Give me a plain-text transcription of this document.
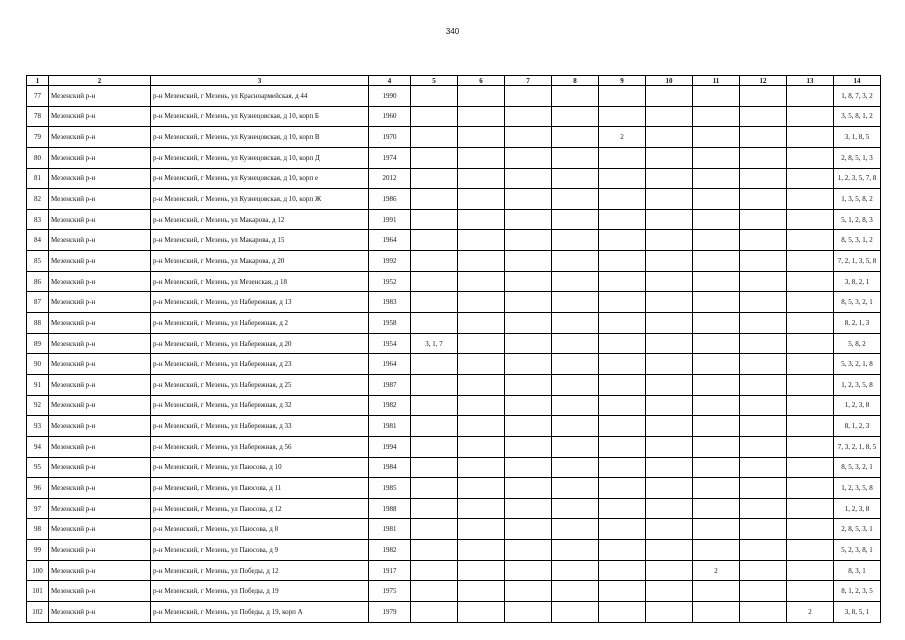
340
1	2	3	4	5	6	7	8	9	10	11	12	13	14
77	Мезенский р-н	р-н Мезенский, г Мезень, ул Красноармейская, д 44	1990										1, 8, 7, 3, 2
78	Мезенский р-н	р-н Мезенский, г Мезень, ул Кузнецовская, д 10, корп Б	1960										3, 5, 8, 1, 2
79	Мезенский р-н	р-н Мезенский, г Мезень, ул Кузнецовская, д 10, корп В	1970					2					3, 1, 8, 5
80	Мезенский р-н	р-н Мезенский, г Мезень, ул Кузнецовская, д 10, корп Д	1974										2, 8, 5, 1, 3
81	Мезенский р-н	р-н Мезенский, г Мезень, ул Кузнецовская, д 10, корп е	2012										1, 2, 3, 5, 7, 8
82	Мезенский р-н	р-н Мезенский, г Мезень, ул Кузнецовская, д 10, корп Ж	1986										1, 3, 5, 8, 2
83	Мезенский р-н	р-н Мезенский, г Мезень, ул Макарова, д 12	1991										5, 1, 2, 8, 3
84	Мезенский р-н	р-н Мезенский, г Мезень, ул Макарова, д 15	1964										8, 5, 3, 1, 2
85	Мезенский р-н	р-н Мезенский, г Мезень, ул Макарова, д 20	1992										7, 2, 1, 3, 5, 8
86	Мезенский р-н	р-н Мезенский, г Мезень, ул Мезенская, д 18	1952										3, 8, 2, 1
87	Мезенский р-н	р-н Мезенский, г Мезень, ул Набережная, д 13	1983										8, 5, 3, 2, 1
88	Мезенский р-н	р-н Мезенский, г Мезень, ул Набережная, д 2	1958										8, 2, 1, 3
89	Мезенский р-н	р-н Мезенский, г Мезень, ул Набережная, д 20	1954	3, 1, 7									5, 8, 2
90	Мезенский р-н	р-н Мезенский, г Мезень, ул Набережная, д 23	1964										5, 3, 2, 1, 8
91	Мезенский р-н	р-н Мезенский, г Мезень, ул Набережная, д 25	1987										1, 2, 3, 5, 8
92	Мезенский р-н	р-н Мезенский, г Мезень, ул Набережная, д 32	1982										1, 2, 3, 8
93	Мезенский р-н	р-н Мезенский, г Мезень, ул Набережная, д 33	1981										8, 1, 2, 3
94	Мезенский р-н	р-н Мезенский, г Мезень, ул Набережная, д 56	1994										7, 3, 2, 1, 8, 5
95	Мезенский р-н	р-н Мезенский, г Мезень, ул Паюсова, д 10	1984										8, 5, 3, 2, 1
96	Мезенский р-н	р-н Мезенский, г Мезень, ул Паюсова, д 11	1985										1, 2, 3, 5, 8
97	Мезенский р-н	р-н Мезенский, г Мезень, ул Паюсова, д 12	1988										1, 2, 3, 8
98	Мезенский р-н	р-н Мезенский, г Мезень, ул Паюсова, д 8	1981										2, 8, 5, 3, 1
99	Мезенский р-н	р-н Мезенский, г Мезень, ул Паюсова, д 9	1982										5, 2, 3, 8, 1
100	Мезенский р-н	р-н Мезенский, г Мезень, ул Победы, д 12	1917							2			8, 3, 1
101	Мезенский р-н	р-н Мезенский, г Мезень, ул Победы, д 19	1975										8, 1, 2, 3, 5
102	Мезенский р-н	р-н Мезенский, г Мезень, ул Победы, д 19, корп А	1979									2	3, 8, 5, 1
